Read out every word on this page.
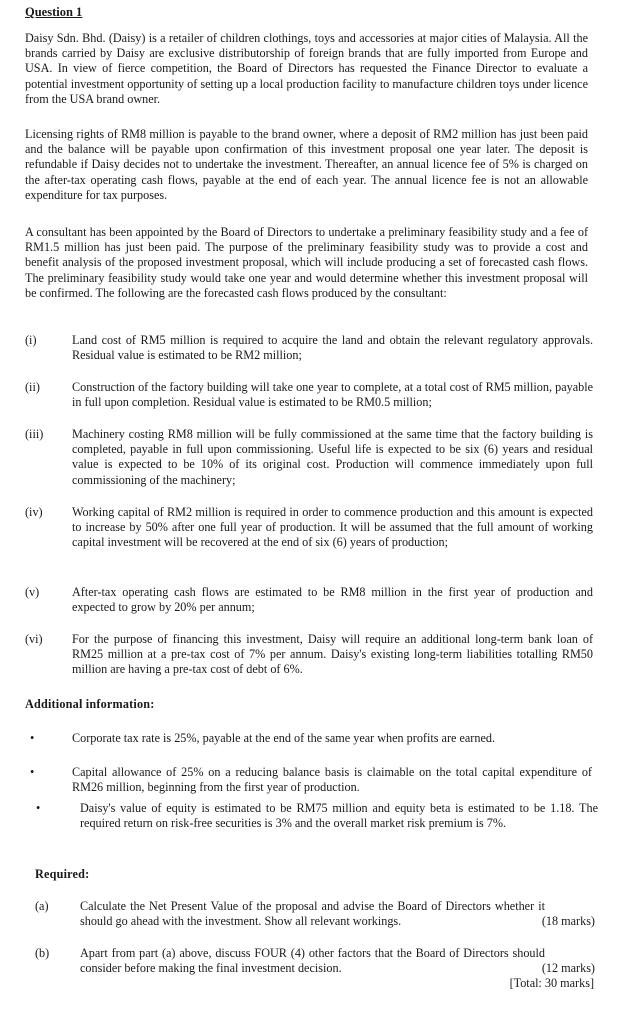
Question 1

Daisy Sdn. Bhd. (Daisy) is a retailer of children clothings, toys and accessories at major cities of Malaysia. All the brands carried by Daisy are exclusive distributorship of foreign brands that are fully imported from Europe and USA. In view of fierce competition, the Board of Directors has requested the Finance Director to evaluate a potential investment opportunity of setting up a local production facility to manufacture children toys under licence from the USA brand owner.

Licensing rights of RM8 million is payable to the brand owner, where a deposit of RM2 million has just been paid and the balance will be payable upon confirmation of this investment proposal one year later. The deposit is refundable if Daisy decides not to undertake the investment. Thereafter, an annual licence fee of 5% is charged on the after-tax operating cash flows, payable at the end of each year. The annual licence fee is not an allowable expenditure for tax purposes.

A consultant has been appointed by the Board of Directors to undertake a preliminary feasibility study and a fee of RM1.5 million has just been paid. The purpose of the preliminary feasibility study was to provide a cost and benefit analysis of the proposed investment proposal, which will include producing a set of forecasted cash flows. The preliminary feasibility study would take one year and would determine whether this investment proposal will be confirmed. The following are the forecasted cash flows produced by the consultant:

(i)	Land cost of RM5 million is required to acquire the land and obtain the relevant regulatory approvals. Residual value is estimated to be RM2 million;
(ii)	Construction of the factory building will take one year to complete, at a total cost of RM5 million, payable in full upon completion. Residual value is estimated to be RM0.5 million;
(iii)	Machinery costing RM8 million will be fully commissioned at the same time that the factory building is completed, payable in full upon commissioning. Useful life is expected to be six (6) years and residual value is expected to be 10% of its original cost. Production will commence immediately upon full commissioning of the machinery;
(iv)	Working capital of RM2 million is required in order to commence production and this amount is expected to increase by 50% after one full year of production. It will be assumed that the full amount of working capital investment will be recovered at the end of six (6) years of production;
(v)	After-tax operating cash flows are estimated to be RM8 million in the first year of production and expected to grow by 20% per annum;
(vi)	For the purpose of financing this investment, Daisy will require an additional long-term bank loan of RM25 million at a pre-tax cost of 7% per annum. Daisy's existing long-term liabilities totalling RM50 million are having a pre-tax cost of debt of 6%.
Additional information:
•	Corporate tax rate is 25%, payable at the end of the same year when profits are earned.
•	Capital allowance of 25% on a reducing balance basis is claimable on the total capital expenditure of RM26 million, beginning from the first year of production.
•	Daisy's value of equity is estimated to be RM75 million and equity beta is estimated to be 1.18. The required return on risk-free securities is 3% and the overall market risk premium is 7%.
Required:
(a)	Calculate the Net Present Value of the proposal and advise the Board of Directors whether it should go ahead with the investment. Show all relevant workings.	(18 marks)
(b)	Apart from part (a) above, discuss FOUR (4) other factors that the Board of Directors should consider before making the final investment decision.	(12 marks)
[Total: 30 marks]
